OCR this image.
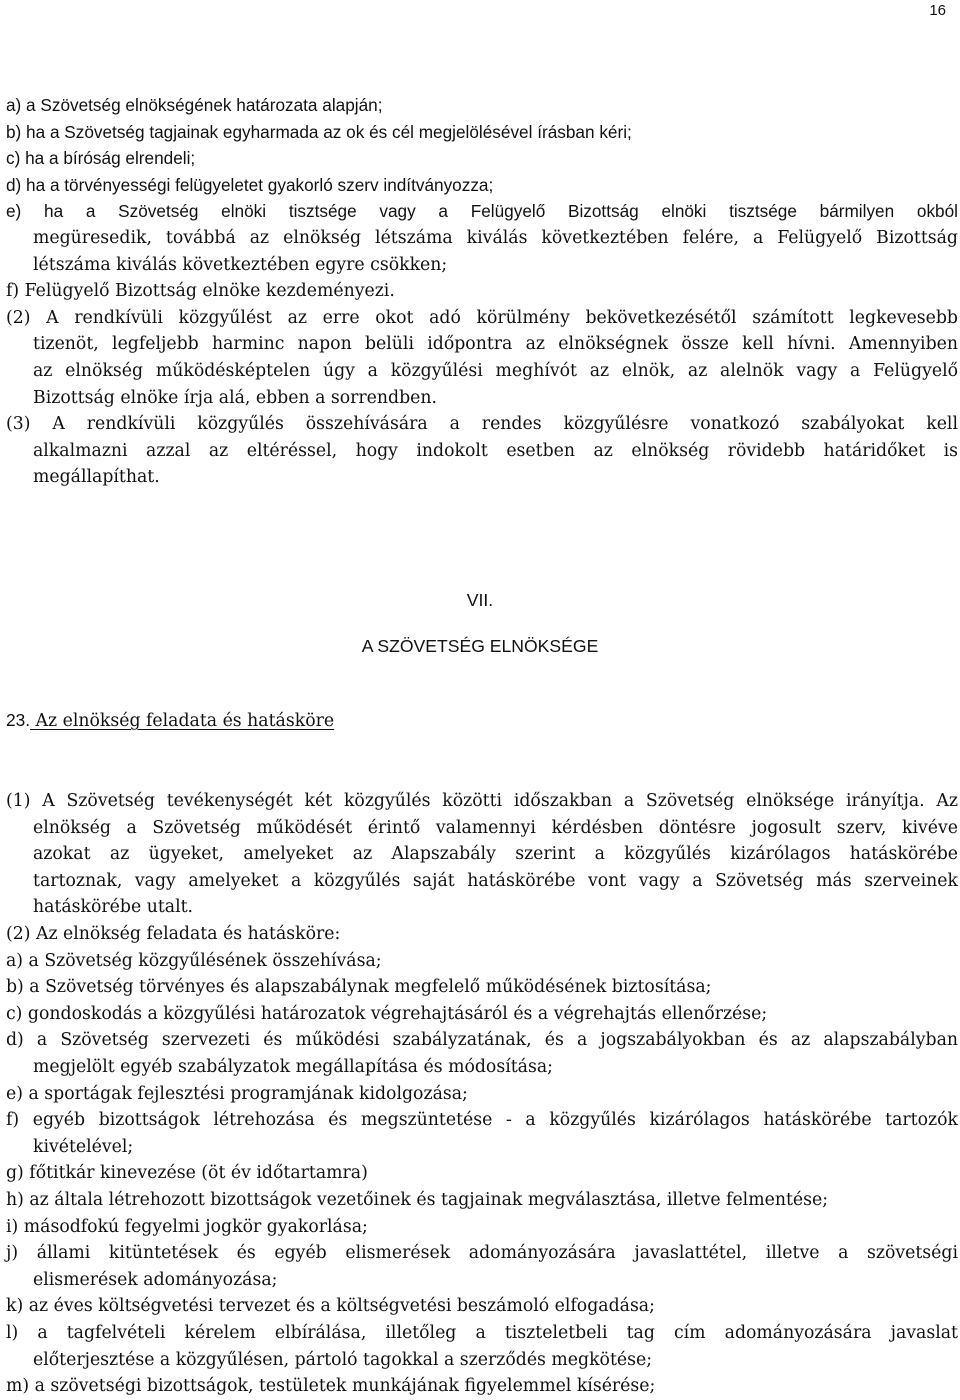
16
a) a Szövetség elnökségének határozata alapján;
b) ha a Szövetség tagjainak egyharmada az ok és cél megjelölésével írásban kéri;
c) ha a bíróság elrendeli;
d) ha a törvényességi felügyeletet gyakorló szerv indítványozza;
e) ha a Szövetség elnöki tisztsége vagy a Felügyelő Bizottság elnöki tisztsége bármilyen okból
megüresedik, továbbá az elnökség létszáma kiválás következtében felére, a Felügyelő Bizottság
létszáma kiválás következtében egyre csökken;
f) Felügyelő Bizottság elnöke kezdeményezi.
(2) A rendkívüli közgyűlést az erre okot adó körülmény bekövetkezésétől számított legkevesebb
tizenöt, legfeljebb harminc napon belüli időpontra az elnökségnek össze kell hívni. Amennyiben
az elnökség működésképtelen úgy a közgyűlési meghívót az elnök, az alelnök vagy a Felügyelő
Bizottság elnöke írja alá, ebben a sorrendben.
(3) A rendkívüli közgyűlés összehívására a rendes közgyűlésre vonatkozó szabályokat kell
alkalmazni azzal az eltéréssel, hogy indokolt esetben az elnökség rövidebb határidőket is
megállapíthat.
VII.
A SZÖVETSÉG ELNÖKSÉGE
23. Az elnökség feladata és hatásköre
(1) A Szövetség tevékenységét két közgyűlés közötti időszakban a Szövetség elnöksége irányítja. Az
elnökség a Szövetség működését érintő valamennyi kérdésben döntésre jogosult szerv, kivéve
azokat az ügyeket, amelyeket az Alapszabály szerint a közgyűlés kizárólagos hatáskörébe
tartoznak, vagy amelyeket a közgyűlés saját hatáskörébe vont vagy a Szövetség más szerveinek
hatáskörébe utalt.
(2) Az elnökség feladata és hatásköre:
a) a Szövetség közgyűlésének összehívása;
b) a Szövetség törvényes és alapszabálynak megfelelő működésének biztosítása;
c) gondoskodás a közgyűlési határozatok végrehajtásáról és a végrehajtás ellenőrzése;
d) a Szövetség szervezeti és működési szabályzatának, és a jogszabályokban és az alapszabályban
megjelölt egyéb szabályzatok megállapítása és módosítása;
e) a sportágak fejlesztési programjának kidolgozása;
f) egyéb bizottságok létrehozása és megszüntetése - a közgyűlés kizárólagos hatáskörébe tartozók
kivételével;
g) főtitkár kinevezése (öt év időtartamra)
h) az általa létrehozott bizottságok vezetőinek és tagjainak megválasztása, illetve felmentése;
i) másodfokú fegyelmi jogkör gyakorlása;
j) állami kitüntetések és egyéb elismerések adományozására javaslattétel, illetve a szövetségi
elismerések adományozása;
k) az éves költségvetési tervezet és a költségvetési beszámoló elfogadása;
l) a tagfelvételi kérelem elbírálása, illetőleg a tiszteletbeli tag cím adományozására javaslat
előterjesztése a közgyűlésen, pártoló tagokkal a szerződés megkötése;
m) a szövetségi bizottságok, testületek munkájának figyelemmel kísérése;
